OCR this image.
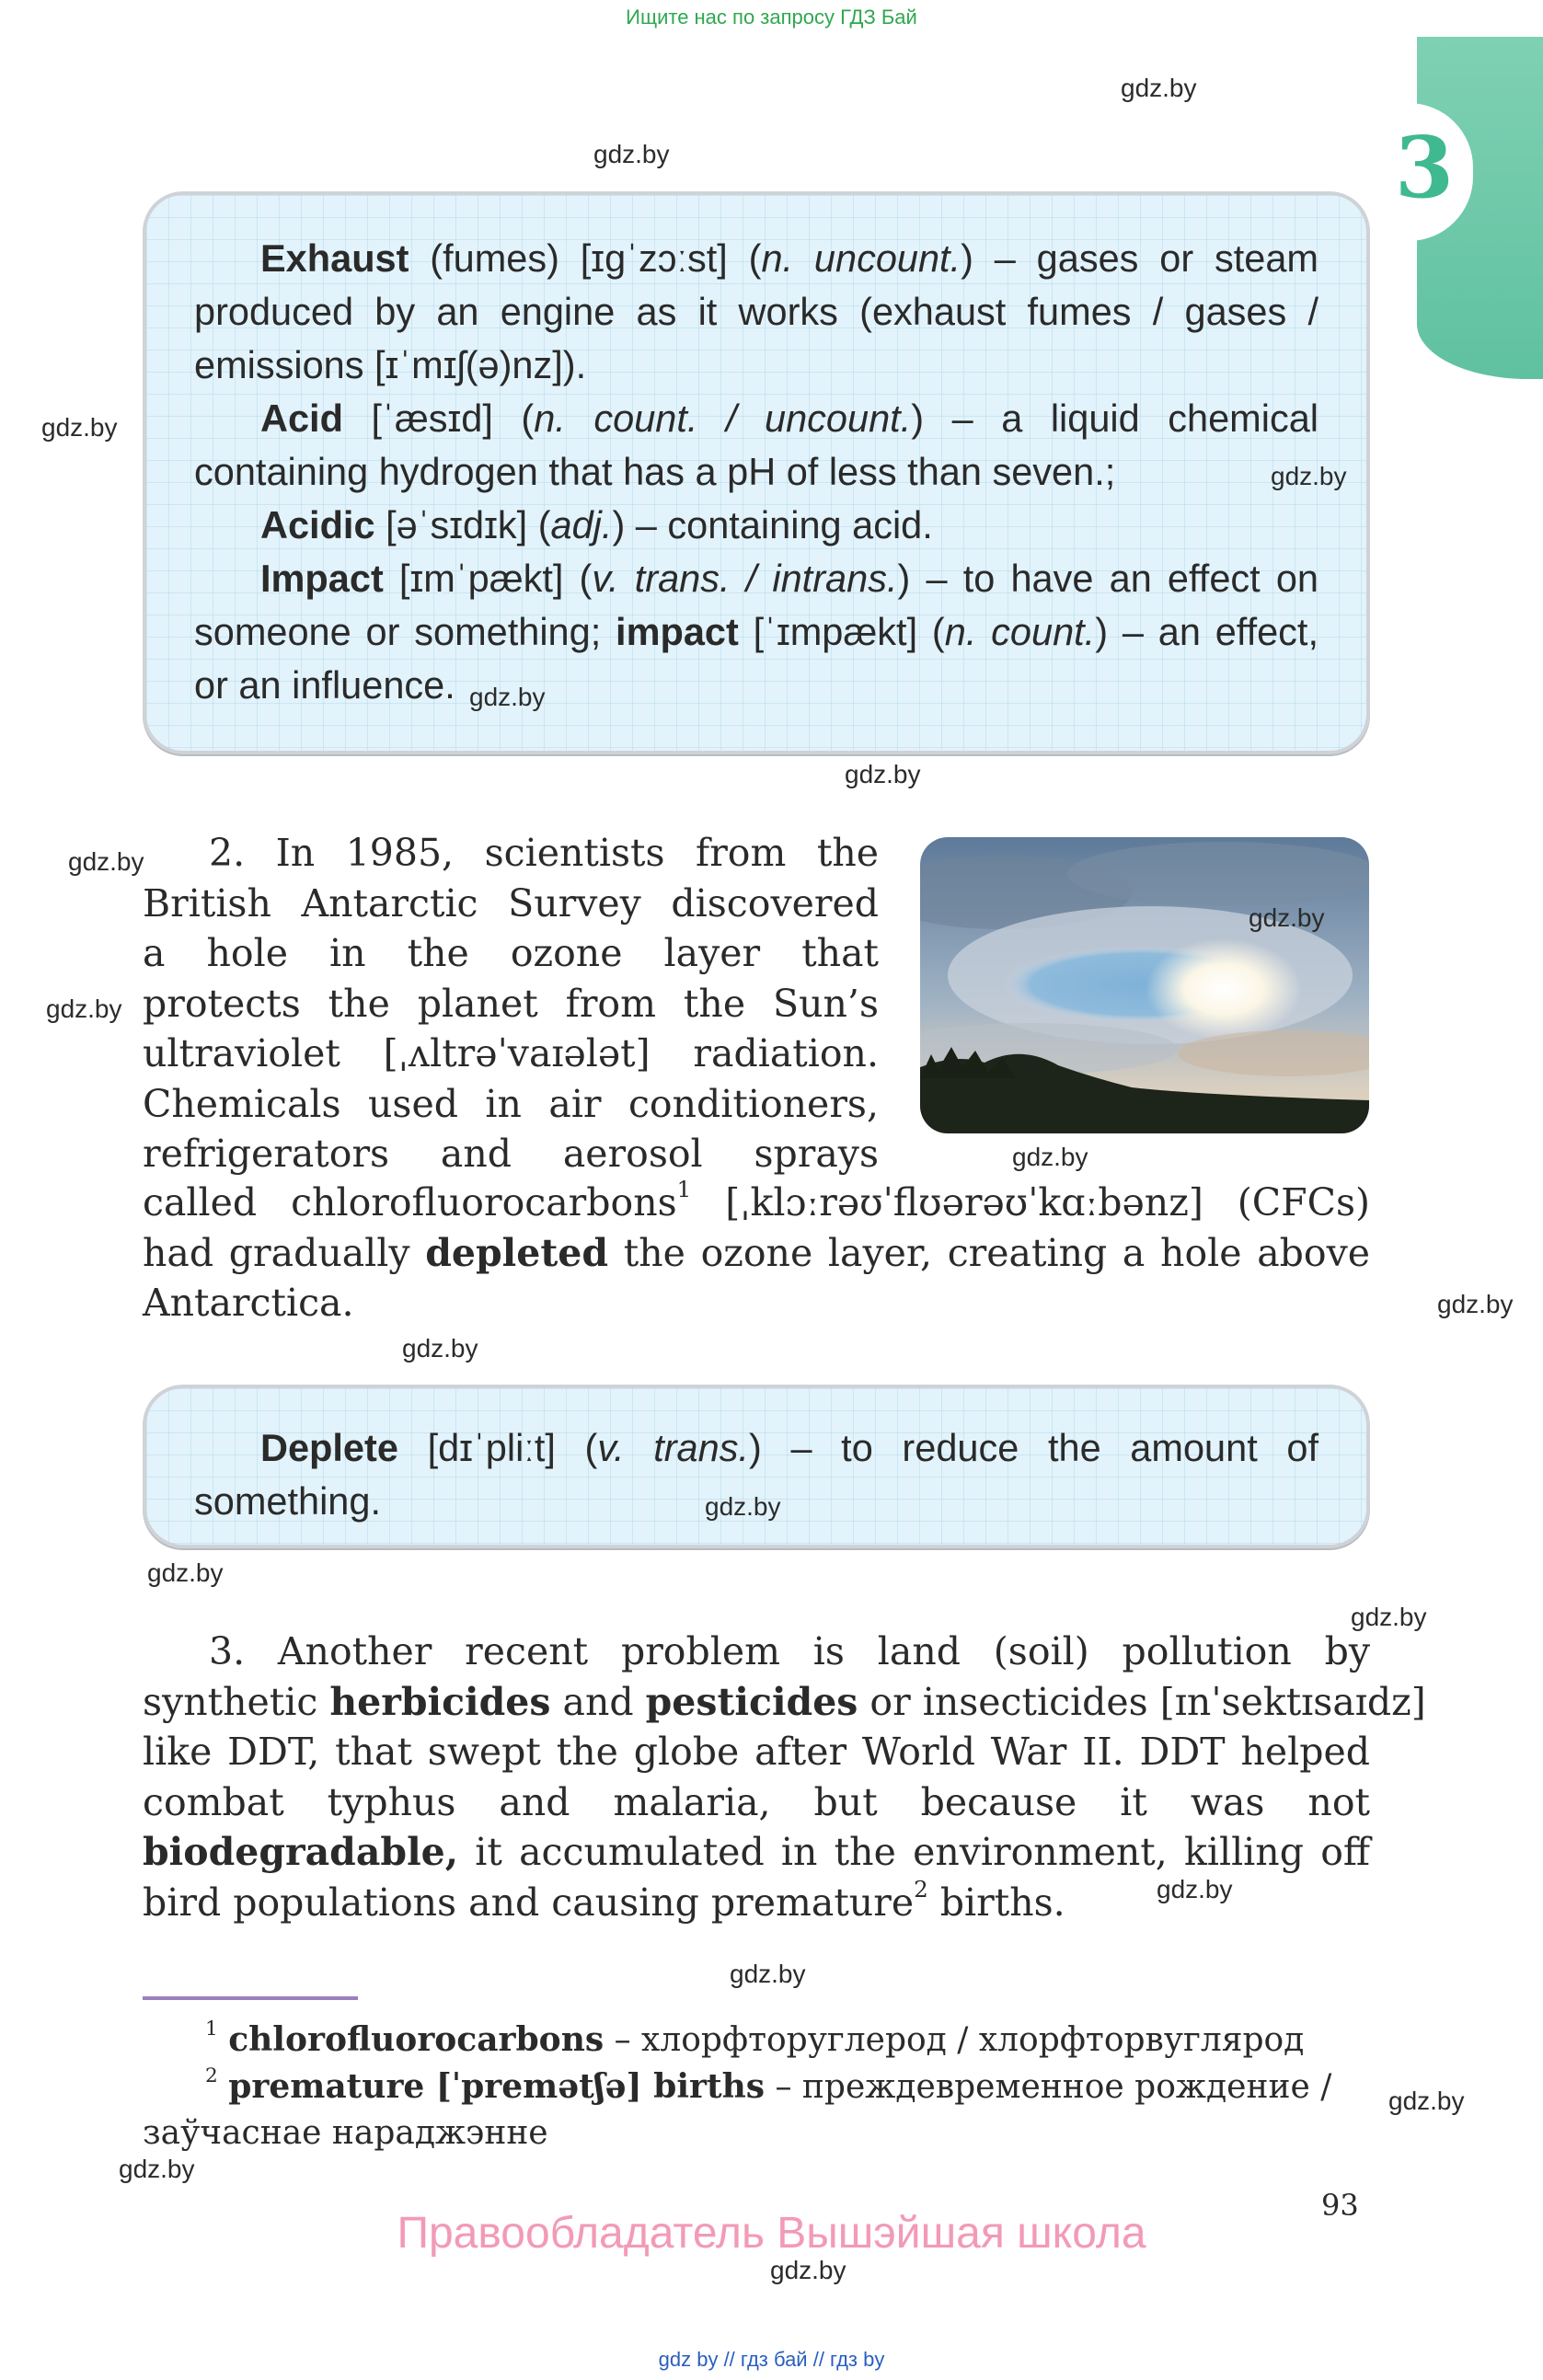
Ищите нас по запросу ГДЗ Бай
3

Exhaust (fumes) [ɪɡˈzɔːst] (n. uncount.) – gases or steam produced by an engine as it works (exhaust fumes / gases / emissions [ɪˈmɪʃ(ə)nz]).

Acid [ˈæsɪd] (n. count. / uncount.) – a liquid chemical containing hydrogen that has a pH of less than seven.;

Acidic [əˈsɪdɪk] (adj.) – containing acid.

Impact [ɪmˈpækt] (v. trans. / intrans.) – to have an effect on someone or something; impact [ˈɪmpækt] (n. count.) – an effect, or an influence.

2. In 1985, scientists from the
British Antarctic Survey discovered
a hole in the ozone layer that
protects the planet from the Sun’s
ultraviolet [ˌʌltrəˈvaɪələt] radiation.
Chemicals used in air conditioners,
refrigerators and aerosol sprays
called chlorofluorocarbons$^1$ [ˌklɔːrəʊˈflʊərəʊˈkɑːbənz] (CFCs)
had gradually depleted the ozone layer, creating a hole above
Antarctica.

Deplete [dɪˈpliːt] (v. trans.) – to reduce the amount of something.

3. Another recent problem is land (soil) pollution by
synthetic herbicides and pesticides or insecticides [ɪnˈsektɪsaɪdz]
like DDT, that swept the globe after World War II. DDT helped
combat typhus and malaria, but because it was not
biodegradable, it accumulated in the environment, killing off
bird populations and causing premature$^2$ births.

$^1$ chlorofluorocarbons – хлорфторуглерод / хлорфторвуглярод

$^2$ premature [ˈpremətʃə] births – преждевременное рождение / заўчаснае нараджэнне

93
Правообладатель Вышэйшая школа
gdz by // гдз бай // гдз by
gdz.by
gdz.by
gdz.by
gdz.by
gdz.by
gdz.by
gdz.by
gdz.by
gdz.by
gdz.by
gdz.by
gdz.by
gdz.by
gdz.by
gdz.by
gdz.by
gdz.by
gdz.by
gdz.by
gdz.by
